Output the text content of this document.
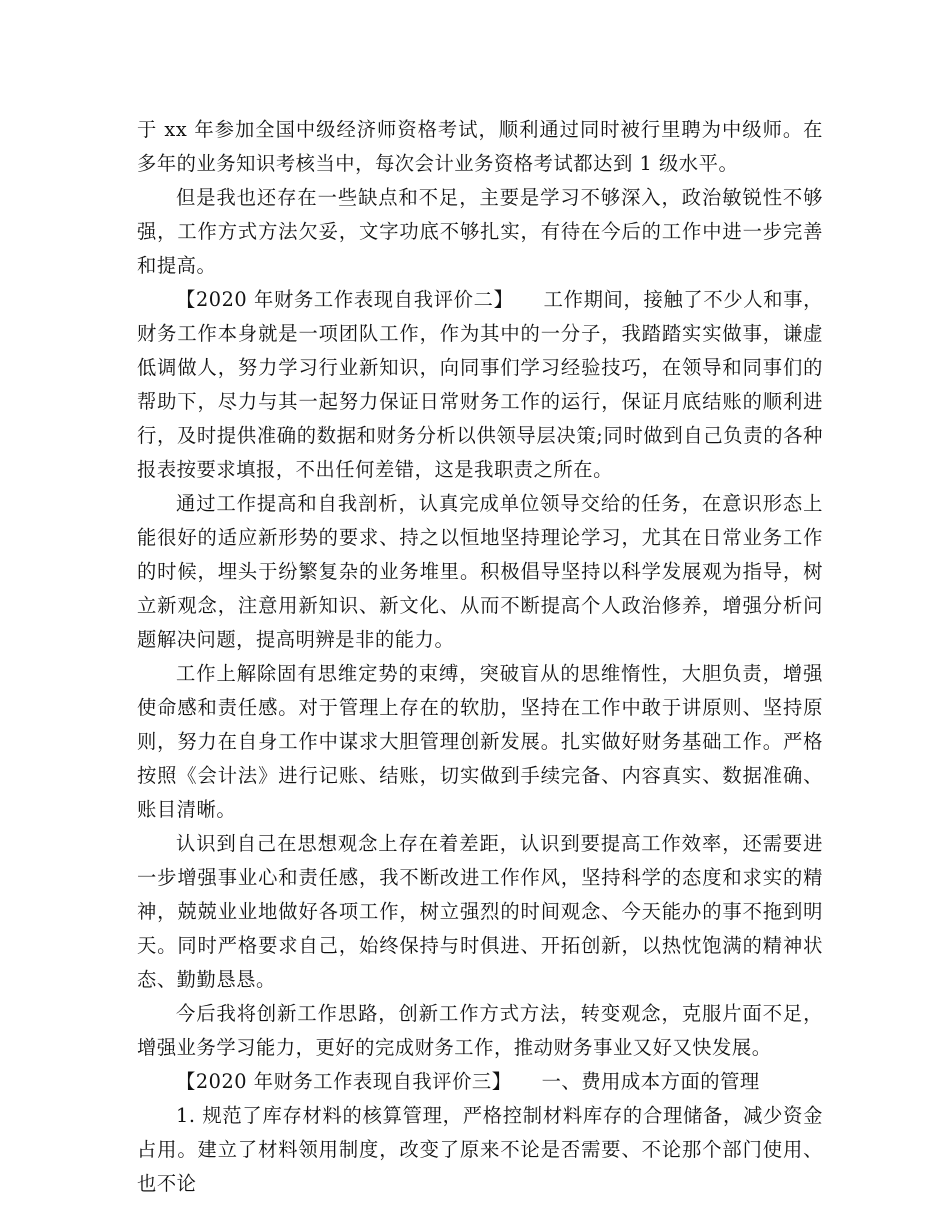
于 xx 年参加全国中级经济师资格考试，顺利通过同时被行里聘为中级师。在多年的业务知识考核当中，每次会计业务资格考试都达到 1 级水平。

但是我也还存在一些缺点和不足，主要是学习不够深入，政治敏锐性不够强，工作方式方法欠妥，文字功底不够扎实，有待在今后的工作中进一步完善和提高。

【2020 年财务工作表现自我评价二】 工作期间，接触了不少人和事，财务工作本身就是一项团队工作，作为其中的一分子，我踏踏实实做事，谦虚低调做人，努力学习行业新知识，向同事们学习经验技巧，在领导和同事们的帮助下，尽力与其一起努力保证日常财务工作的运行，保证月底结账的顺利进行，及时提供准确的数据和财务分析以供领导层决策;同时做到自己负责的各种报表按要求填报，不出任何差错，这是我职责之所在。

通过工作提高和自我剖析，认真完成单位领导交给的任务，在意识形态上能很好的适应新形势的要求、持之以恒地坚持理论学习，尤其在日常业务工作的时候，埋头于纷繁复杂的业务堆里。积极倡导坚持以科学发展观为指导，树立新观念，注意用新知识、新文化、从而不断提高个人政治修养，增强分析问题解决问题，提高明辨是非的能力。

工作上解除固有思维定势的束缚，突破盲从的思维惰性，大胆负责，增强使命感和责任感。对于管理上存在的软肋，坚持在工作中敢于讲原则、坚持原则，努力在自身工作中谋求大胆管理创新发展。扎实做好财务基础工作。严格按照《会计法》进行记账、结账，切实做到手续完备、内容真实、数据准确、账目清晰。

认识到自己在思想观念上存在着差距，认识到要提高工作效率，还需要进一步增强事业心和责任感，我不断改进工作作风，坚持科学的态度和求实的精神，兢兢业业地做好各项工作，树立强烈的时间观念、今天能办的事不拖到明天。同时严格要求自己，始终保持与时俱进、开拓创新，以热忱饱满的精神状态、勤勤恳恳。

今后我将创新工作思路，创新工作方式方法，转变观念，克服片面不足，增强业务学习能力，更好的完成财务工作，推动财务事业又好又快发展。

【2020 年财务工作表现自我评价三】 一、费用成本方面的管理

1. 规范了库存材料的核算管理，严格控制材料库存的合理储备，减少资金占用。建立了材料领用制度，改变了原来不论是否需要、不论那个部门使用、也不论
